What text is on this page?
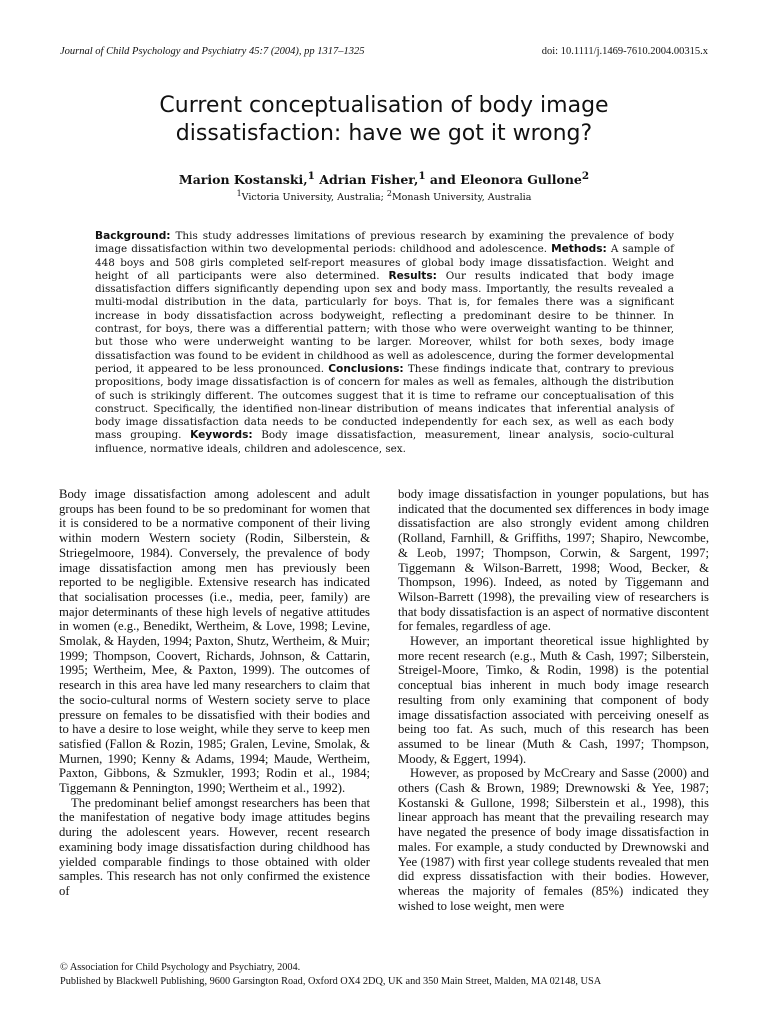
Journal of Child Psychology and Psychiatry 45:7 (2004), pp 1317–1325	doi: 10.1111/j.1469-7610.2004.00315.x
Current conceptualisation of body image dissatisfaction: have we got it wrong?
Marion Kostanski,$^1$ Adrian Fisher,$^1$ and Eleonora Gullone$^2$
$^1$Victoria University, Australia; $^2$Monash University, Australia
Background: This study addresses limitations of previous research by examining the prevalence of body image dissatisfaction within two developmental periods: childhood and adolescence. Methods: A sample of 448 boys and 508 girls completed self-report measures of global body image dissatisfaction. Weight and height of all participants were also determined. Results: Our results indicated that body image dissatisfaction differs significantly depending upon sex and body mass. Importantly, the results revealed a multi-modal distribution in the data, particularly for boys. That is, for females there was a significant increase in body dissatisfaction across bodyweight, reflecting a predominant desire to be thinner. In contrast, for boys, there was a differential pattern; with those who were overweight wanting to be thinner, but those who were underweight wanting to be larger. Moreover, whilst for both sexes, body image dissatisfaction was found to be evident in childhood as well as adolescence, during the former developmental period, it appeared to be less pronounced. Conclusions: These findings indicate that, contrary to previous propositions, body image dissatisfaction is of concern for males as well as females, although the distribution of such is strikingly different. The outcomes suggest that it is time to reframe our conceptualisation of this construct. Specifically, the identified non-linear distribution of means indicates that inferential analysis of body image dissatisfaction data needs to be conducted independently for each sex, as well as each body mass grouping. Keywords: Body image dissatisfaction, measurement, linear analysis, socio-cultural influence, normative ideals, children and adolescence, sex.

Body image dissatisfaction among adolescent and adult groups has been found to be so predominant for women that it is considered to be a normative component of their living within modern Western society (Rodin, Silberstein, & Striegelmoore, 1984). Conversely, the prevalence of body image dissatisfaction among men has previously been reported to be negligible. Extensive research has indicated that socialisation processes (i.e., media, peer, family) are major determinants of these high levels of negative attitudes in women (e.g., Benedikt, Wertheim, & Love, 1998; Levine, Smolak, & Hayden, 1994; Paxton, Shutz, Wertheim, & Muir; 1999; Thompson, Coovert, Richards, Johnson, & Cattarin, 1995; Wertheim, Mee, & Paxton, 1999). The outcomes of research in this area have led many researchers to claim that the socio-cultural norms of Western society serve to place pressure on females to be dissatisfied with their bodies and to have a desire to lose weight, while they serve to keep men satisfied (Fallon & Rozin, 1985; Gralen, Levine, Smolak, & Murnen, 1990; Kenny & Adams, 1994; Maude, Wertheim, Paxton, Gibbons, & Szmukler, 1993; Rodin et al., 1984; Tiggemann & Pennington, 1990; Wertheim et al., 1992).

The predominant belief amongst researchers has been that the manifestation of negative body image attitudes begins during the adolescent years. However, recent research examining body image dissatisfaction during childhood has yielded comparable findings to those obtained with older samples. This research has not only confirmed the existence of

body image dissatisfaction in younger populations, but has indicated that the documented sex differences in body image dissatisfaction are also strongly evident among children (Rolland, Farnhill, & Griffiths, 1997; Shapiro, Newcombe, & Leob, 1997; Thompson, Corwin, & Sargent, 1997; Tiggemann & Wilson-Barrett, 1998; Wood, Becker, & Thompson, 1996). Indeed, as noted by Tiggemann and Wilson-Barrett (1998), the prevailing view of researchers is that body dissatisfaction is an aspect of normative discontent for females, regardless of age.

However, an important theoretical issue highlighted by more recent research (e.g., Muth & Cash, 1997; Silberstein, Streigel-Moore, Timko, & Rodin, 1998) is the potential conceptual bias inherent in much body image research resulting from only examining that component of body image dissatisfaction associated with perceiving oneself as being too fat. As such, much of this research has been assumed to be linear (Muth & Cash, 1997; Thompson, Moody, & Eggert, 1994).

However, as proposed by McCreary and Sasse (2000) and others (Cash & Brown, 1989; Drewnowski & Yee, 1987; Kostanski & Gullone, 1998; Silberstein et al., 1998), this linear approach has meant that the prevailing research may have negated the presence of body image dissatisfaction in males. For example, a study conducted by Drewnowski and Yee (1987) with first year college students revealed that men did express dissatisfaction with their bodies. However, whereas the majority of females (85%) indicated they wished to lose weight, men were

© Association for Child Psychology and Psychiatry, 2004.
Published by Blackwell Publishing, 9600 Garsington Road, Oxford OX4 2DQ, UK and 350 Main Street, Malden, MA 02148, USA
